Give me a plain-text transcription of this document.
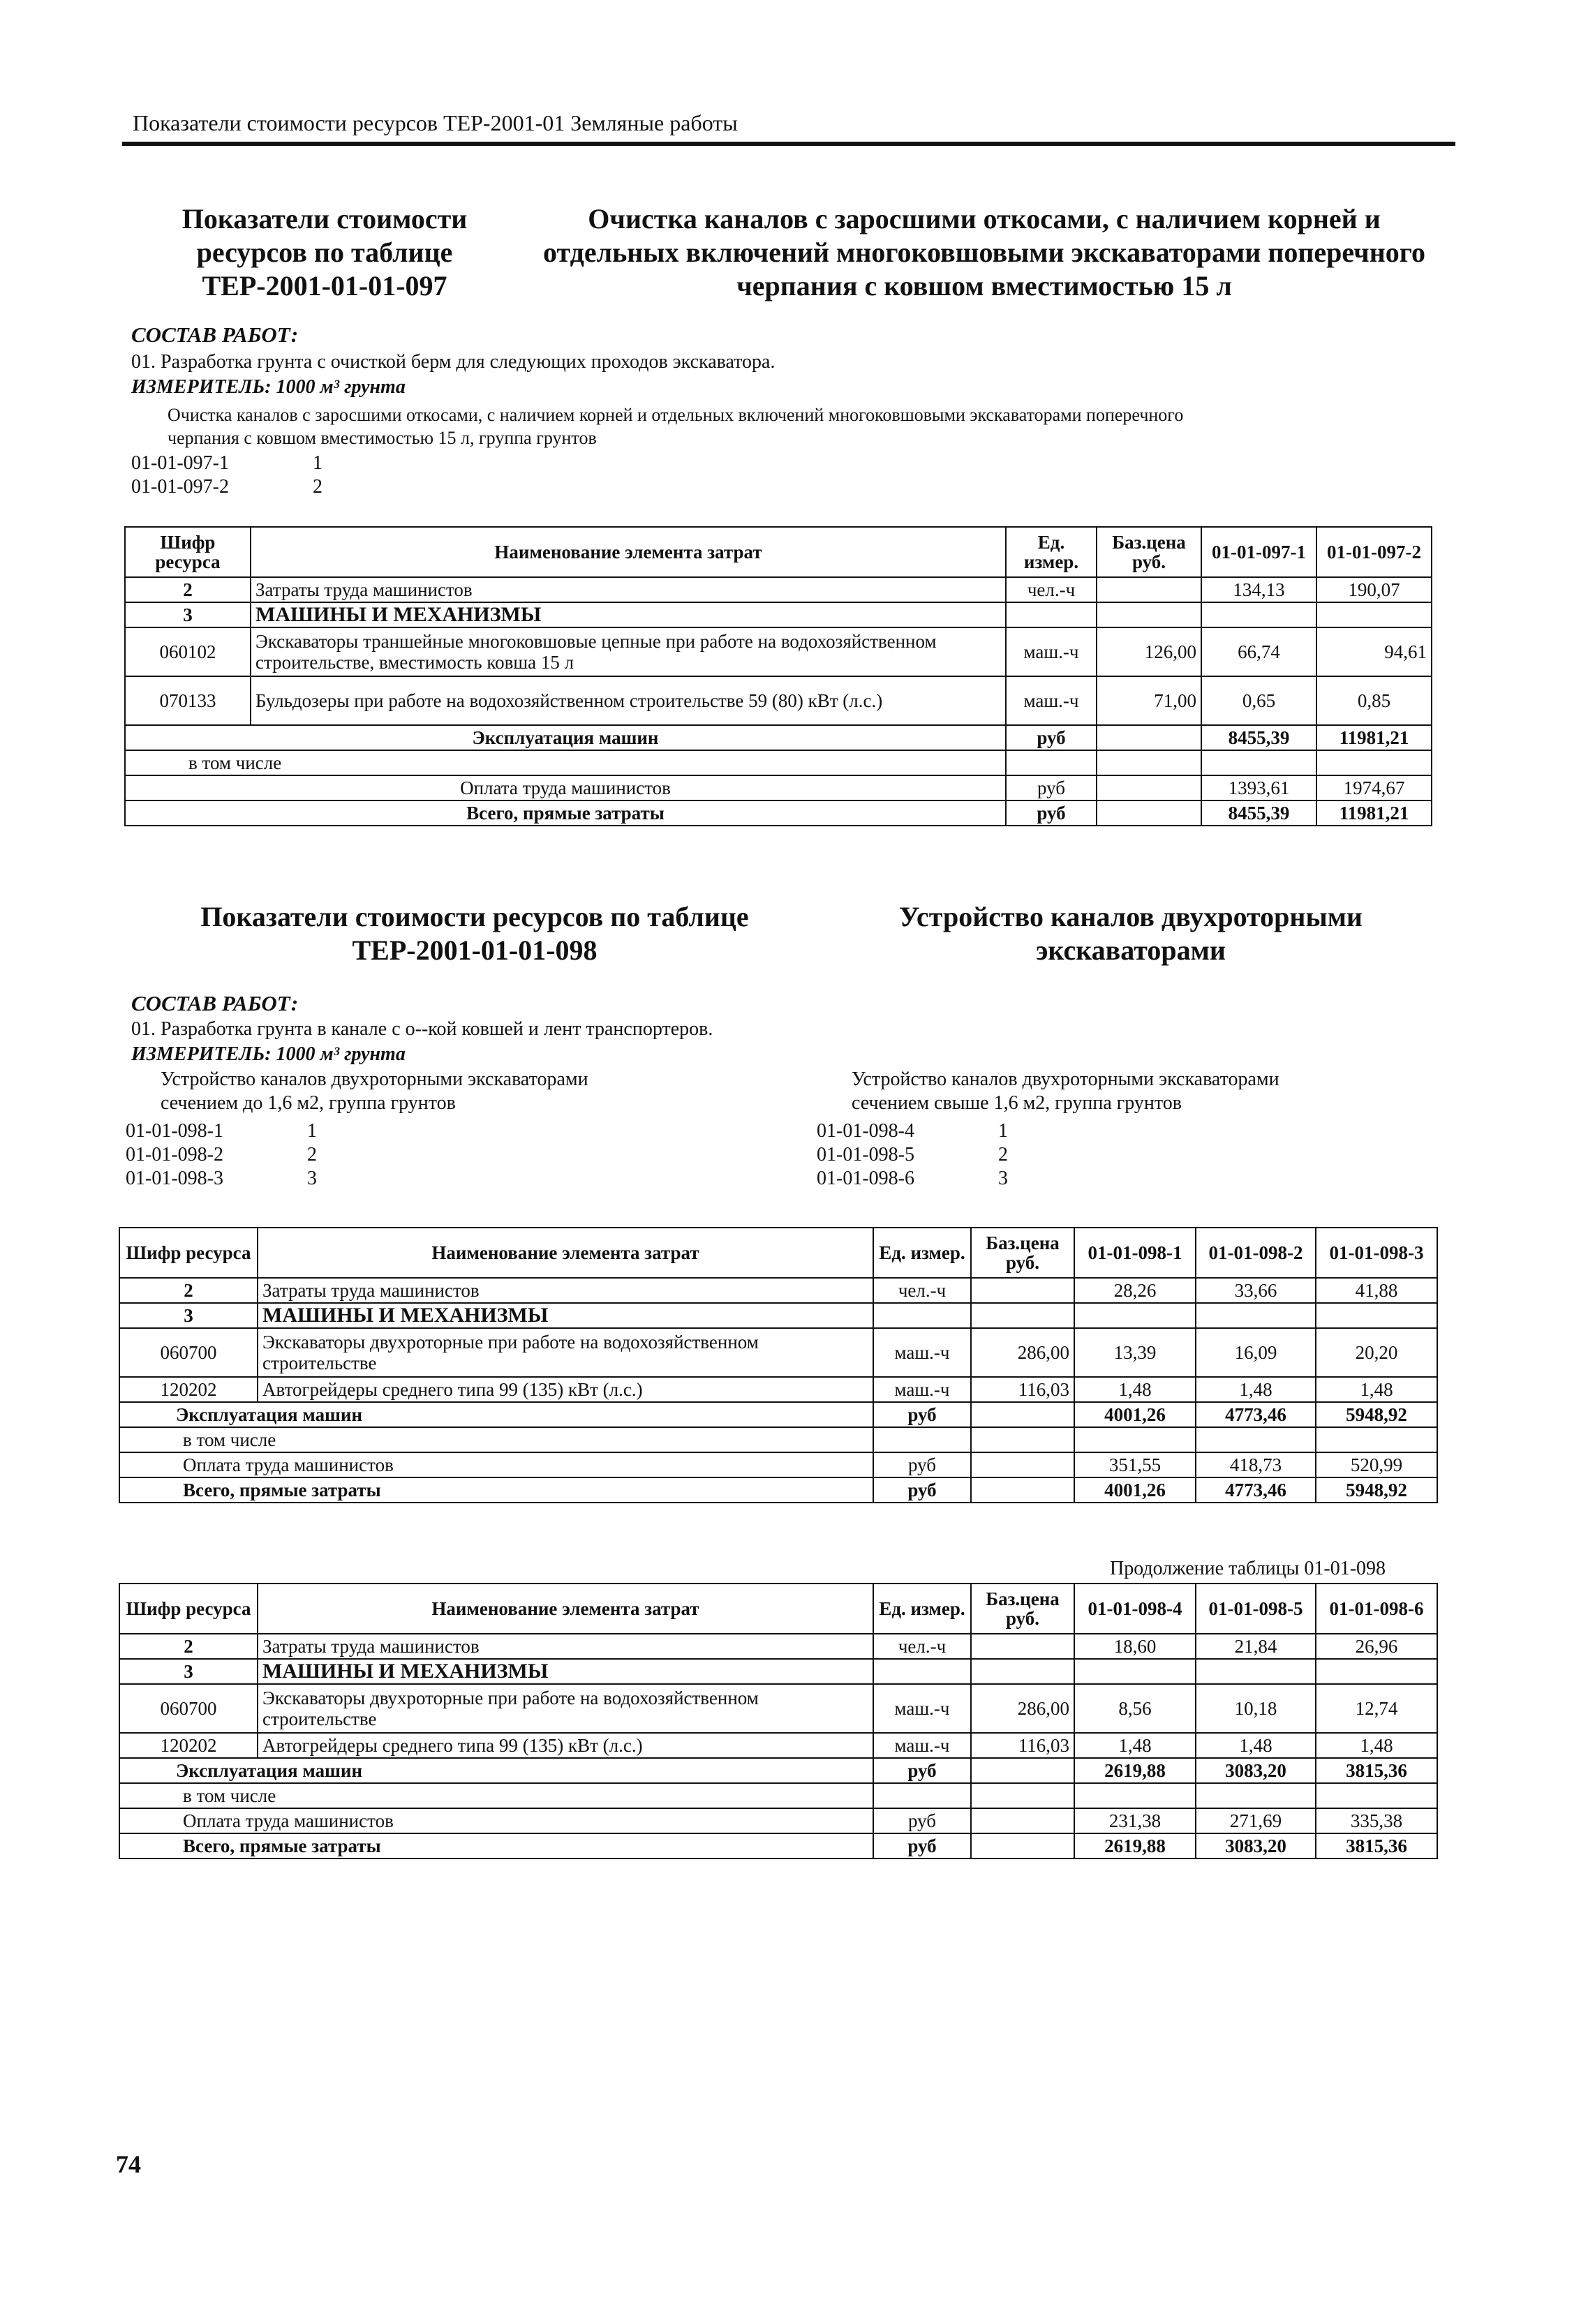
Показатели стоимости ресурсов ТЕР-2001-01 Земляные работы
Показатели стоимости
ресурсов по таблице
ТЕР-2001-01-01-097
Очистка каналов с заросшими откосами, с наличием корней и
отдельных включений многоковшовыми экскаваторами поперечного
черпания с ковшом вместимостью 15 л
СОСТАВ РАБОТ:
01. Разработка грунта с очисткой берм для следующих проходов экскаватора.
ИЗМЕРИТЕЛЬ: 1000 м³ грунта
Очистка каналов с заросшими откосами, с наличием корней и отдельных включений многоковшовыми экскаваторами поперечного
черпания с ковшом вместимостью 15 л, группа грунтов
01-01-097-1	1
01-01-097-2	2
Шифр ресурса	Наименование элемента затрат	Ед. измер.	Баз.цена руб.	01-01-097-1	01-01-097-2
2	Затраты труда машинистов	чел.-ч		134,13	190,07
3	МАШИНЫ И МЕХАНИЗМЫ				
060102	Экскаваторы траншейные многоковшовые цепные при работе на водохозяйственном строительстве, вместимость ковша 15 л	маш.-ч	126,00	66,74	94,61
070133	Бульдозеры при работе на водохозяйственном строительстве 59 (80) кВт (л.с.)	маш.-ч	71,00	0,65	0,85
Эксплуатация машин		руб		8455,39	11981,21
в том числе					
Оплата труда машинистов		руб		1393,61	1974,67
Всего, прямые затраты		руб		8455,39	11981,21
Показатели стоимости ресурсов по таблице
ТЕР-2001-01-01-098
Устройство каналов двухроторными
экскаваторами
СОСТАВ РАБОТ:
01. Разработка грунта в канале с о‑‑кой ковшей и лент транспортеров.
ИЗМЕРИТЕЛЬ: 1000 м³ грунта
Устройство каналов двухроторными экскаваторами
сечением до 1,6 м2, группа грунтов
Устройство каналов двухроторными экскаваторами
сечением свыше 1,6 м2, группа грунтов
01-01-098-1	1
01-01-098-2	2
01-01-098-3	3
01-01-098-4	1
01-01-098-5	2
01-01-098-6	3
Шифр ресурса	Наименование элемента затрат	Ед. измер.	Баз.цена руб.	01-01-098-1	01-01-098-2	01-01-098-3
2	Затраты труда машинистов	чел.-ч		28,26	33,66	41,88
3	МАШИНЫ И МЕХАНИЗМЫ					
060700	Экскаваторы двухроторные при работе на водохозяйственном строительстве	маш.-ч	286,00	13,39	16,09	20,20
120202	Автогрейдеры среднего типа 99 (135) кВт (л.с.)	маш.-ч	116,03	1,48	1,48	1,48
Эксплуатация машин		руб		4001,26	4773,46	5948,92
в том числе						
Оплата труда машинистов		руб		351,55	418,73	520,99
Всего, прямые затраты		руб		4001,26	4773,46	5948,92
Продолжение таблицы 01-01-098
Шифр ресурса	Наименование элемента затрат	Ед. измер.	Баз.цена руб.	01-01-098-4	01-01-098-5	01-01-098-6
2	Затраты труда машинистов	чел.-ч		18,60	21,84	26,96
3	МАШИНЫ И МЕХАНИЗМЫ					
060700	Экскаваторы двухроторные при работе на водохозяйственном строительстве	маш.-ч	286,00	8,56	10,18	12,74
120202	Автогрейдеры среднего типа 99 (135) кВт (л.с.)	маш.-ч	116,03	1,48	1,48	1,48
Эксплуатация машин		руб		2619,88	3083,20	3815,36
в том числе						
Оплата труда машинистов		руб		231,38	271,69	335,38
Всего, прямые затраты		руб		2619,88	3083,20	3815,36
74
